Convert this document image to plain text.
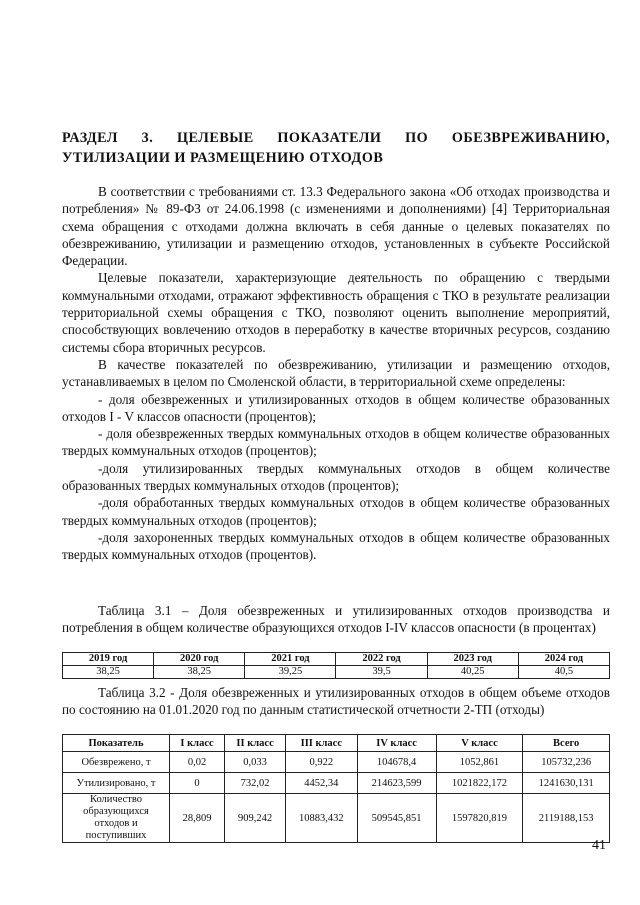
РАЗДЕЛ 3. ЦЕЛЕВЫЕ ПОКАЗАТЕЛИ ПО ОБЕЗВРЕЖИВАНИЮ, УТИЛИЗАЦИИ И РАЗМЕЩЕНИЮ ОТХОДОВ

В соответствии с требованиями ст. 13.3 Федерального закона «Об отходах производства и потребления» № 89-ФЗ от 24.06.1998 (с изменениями и дополнениями) [4] Территориальная схема обращения с отходами должна включать в себя данные о целевых показателях по обезвреживанию, утилизации и размещению отходов, установленных в субъекте Российской Федерации.

Целевые показатели, характеризующие деятельность по обращению с твердыми коммунальными отходами, отражают эффективность обращения с ТКО в результате реализации территориальной схемы обращения с ТКО, позволяют оценить выполнение мероприятий, способствующих вовлечению отходов в переработку в качестве вторичных ресурсов, созданию системы сбора вторичных ресурсов.

В качестве показателей по обезвреживанию, утилизации и размещению отходов, устанавливаемых в целом по Смоленской области, в территориальной схеме определены:

- доля обезвреженных и утилизированных отходов в общем количестве образованных отходов I - V классов опасности (процентов);

- доля обезвреженных твердых коммунальных отходов в общем количестве образованных твердых коммунальных отходов (процентов);

-доля утилизированных твердых коммунальных отходов в общем количестве образованных твердых коммунальных отходов (процентов);

-доля обработанных твердых коммунальных отходов в общем количестве образованных твердых коммунальных отходов (процентов);

-доля захороненных твердых коммунальных отходов в общем количестве образованных твердых коммунальных отходов (процентов).

Таблица 3.1 – Доля обезвреженных и утилизированных отходов производства и потребления в общем количестве образующихся отходов I-IV классов опасности (в процентах)
2019 год	2020 год	2021 год	2022 год	2023 год	2024 год
38,25	38,25	39,25	39,5	40,25	40,5
Таблица 3.2 - Доля обезвреженных и утилизированных отходов в общем объеме отходов по состоянию на 01.01.2020 год по данным статистической отчетности 2-ТП (отходы)
Показатель	I класс	II класс	III класс	IV класс	V класс	Всего
Обезврежено, т	0,02	0,033	0,922	104678,4	1052,861	105732,236
Утилизировано, т	0	732,02	4452,34	214623,599	1021822,172	1241630,131

Количество образующихся отходов и поступивших	28,809	909,242	10883,432	509545,851	1597820,819	2119188,153
41
